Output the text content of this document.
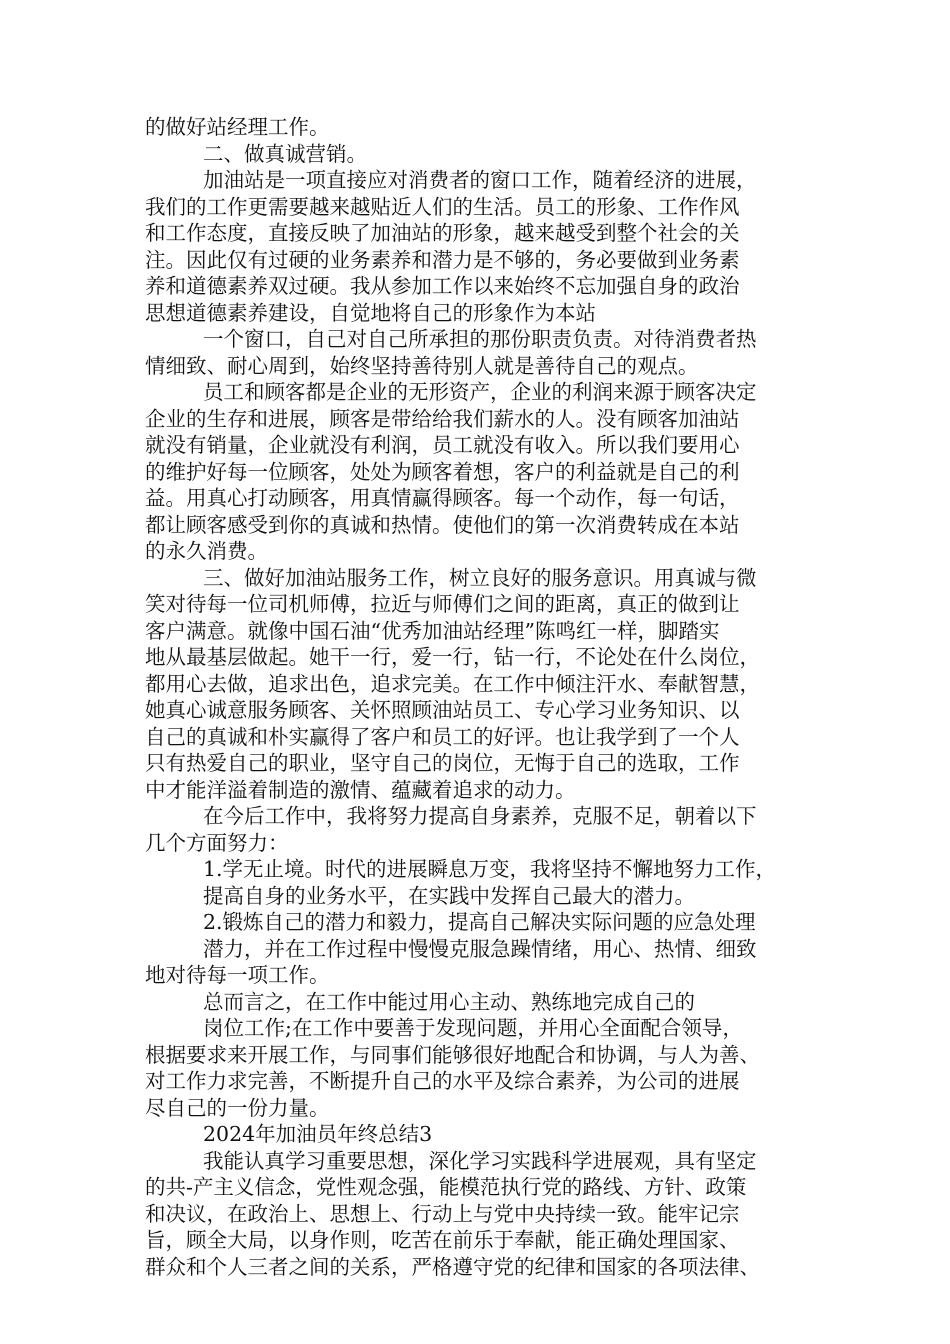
的做好站经理工作。
二、做真诚营销。
加油站是一项直接应对消费者的窗口工作，随着经济的进展，
我们的工作更需要越来越贴近人们的生活。员工的形象、工作作风
和工作态度，直接反映了加油站的形象，越来越受到整个社会的关
注。因此仅有过硬的业务素养和潜力是不够的，务必要做到业务素
养和道德素养双过硬。我从参加工作以来始终不忘加强自身的政治
思想道德素养建设，自觉地将自己的形象作为本站
一个窗口，自己对自己所承担的那份职责负责。对待消费者热
情细致、耐心周到，始终坚持善待别人就是善待自己的观点。
员工和顾客都是企业的无形资产，企业的利润来源于顾客决定
企业的生存和进展，顾客是带给给我们薪水的人。没有顾客加油站
就没有销量，企业就没有利润，员工就没有收入。所以我们要用心
的维护好每一位顾客，处处为顾客着想，客户的利益就是自己的利
益。用真心打动顾客，用真情赢得顾客。每一个动作，每一句话，
都让顾客感受到你的真诚和热情。使他们的第一次消费转成在本站
的永久消费。
三、做好加油站服务工作，树立良好的服务意识。用真诚与微
笑对待每一位司机师傅，拉近与师傅们之间的距离，真正的做到让
客户满意。就像中国石油“优秀加油站经理”陈鸣红一样，脚踏实
地从最基层做起。她干一行，爱一行，钻一行，不论处在什么岗位，
都用心去做，追求出色，追求完美。在工作中倾注汗水、奉献智慧，
她真心诚意服务顾客、关怀照顾油站员工、专心学习业务知识、以
自己的真诚和朴实赢得了客户和员工的好评。也让我学到了一个人
只有热爱自己的职业，坚守自己的岗位，无悔于自己的选取，工作
中才能洋溢着制造的激情、蕴藏着追求的动力。
在今后工作中，我将努力提高自身素养，克服不足，朝着以下
几个方面努力：
1.学无止境。时代的进展瞬息万变，我将坚持不懈地努力工作，
提高自身的业务水平，在实践中发挥自己最大的潜力。
2.锻炼自己的潜力和毅力，提高自己解决实际问题的应急处理
潜力，并在工作过程中慢慢克服急躁情绪，用心、热情、细致
地对待每一项工作。
总而言之，在工作中能过用心主动、熟练地完成自己的
岗位工作;在工作中要善于发现问题，并用心全面配合领导，
根据要求来开展工作，与同事们能够很好地配合和协调，与人为善、
对工作力求完善，不断提升自己的水平及综合素养，为公司的进展
尽自己的一份力量。
2024年加油员年终总结3
我能认真学习重要思想，深化学习实践科学进展观，具有坚定
的共-产主义信念，党性观念强，能模范执行党的路线、方针、政策
和决议，在政治上、思想上、行动上与党中央持续一致。能牢记宗
旨，顾全大局，以身作则，吃苦在前乐于奉献，能正确处理国家、
群众和个人三者之间的关系，严格遵守党的纪律和国家的各项法律、
